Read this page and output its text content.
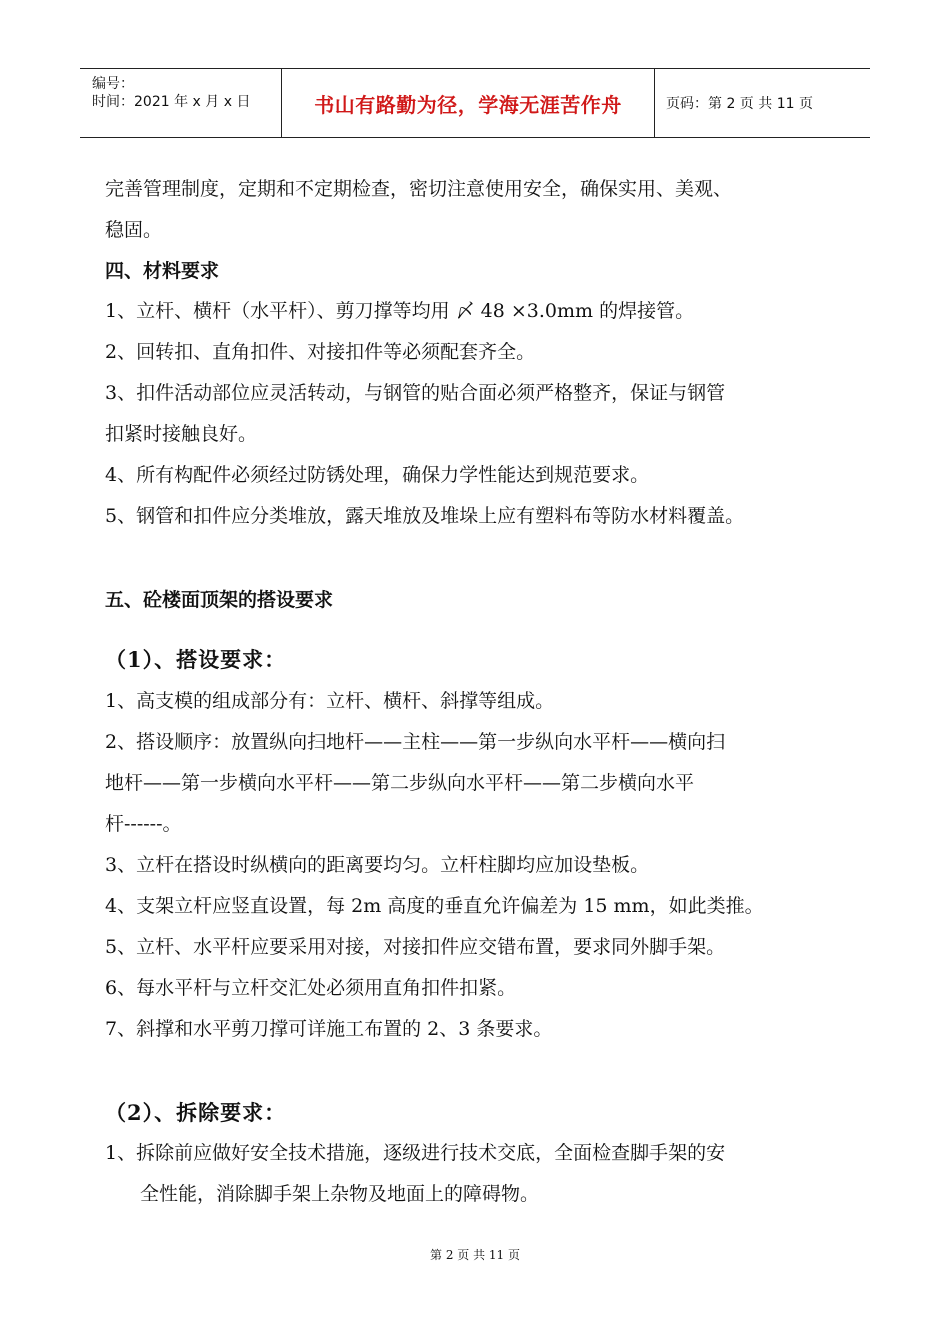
编号：
时间：2021 年 x 月 x 日	书山有路勤为径，学海无涯苦作舟	页码：第 2 页 共 11 页
完善管理制度，定期和不定期检查，密切注意使用安全，确保实用、美观、
稳固。
四、材料要求
1、立杆、横杆（水平杆）、剪刀撑等均用 〆 48 ×3.0mm 的焊接管。
2、回转扣、直角扣件、对接扣件等必须配套齐全。
3、扣件活动部位应灵活转动，与钢管的贴合面必须严格整齐，保证与钢管
扣紧时接触良好。
4、所有构配件必须经过防锈处理，确保力学性能达到规范要求。
5、钢管和扣件应分类堆放，露天堆放及堆垛上应有塑料布等防水材料覆盖。
五、砼楼面顶架的搭设要求
（1）、搭设要求：
1、高支模的组成部分有：立杆、横杆、斜撑等组成。
2、搭设顺序：放置纵向扫地杆——主柱——第一步纵向水平杆——横向扫
地杆——第一步横向水平杆——第二步纵向水平杆——第二步横向水平
杆------。
3、立杆在搭设时纵横向的距离要均匀。立杆柱脚均应加设垫板。
4、支架立杆应竖直设置，每 2m 高度的垂直允许偏差为 15 mm，如此类推。
5、立杆、水平杆应要采用对接，对接扣件应交错布置，要求同外脚手架。
6、每水平杆与立杆交汇处必须用直角扣件扣紧。
7、斜撑和水平剪刀撑可详施工布置的 2、3 条要求。
（2）、拆除要求：
1、拆除前应做好安全技术措施，逐级进行技术交底，全面检查脚手架的安
全性能，消除脚手架上杂物及地面上的障碍物。
第 2 页 共 11 页
